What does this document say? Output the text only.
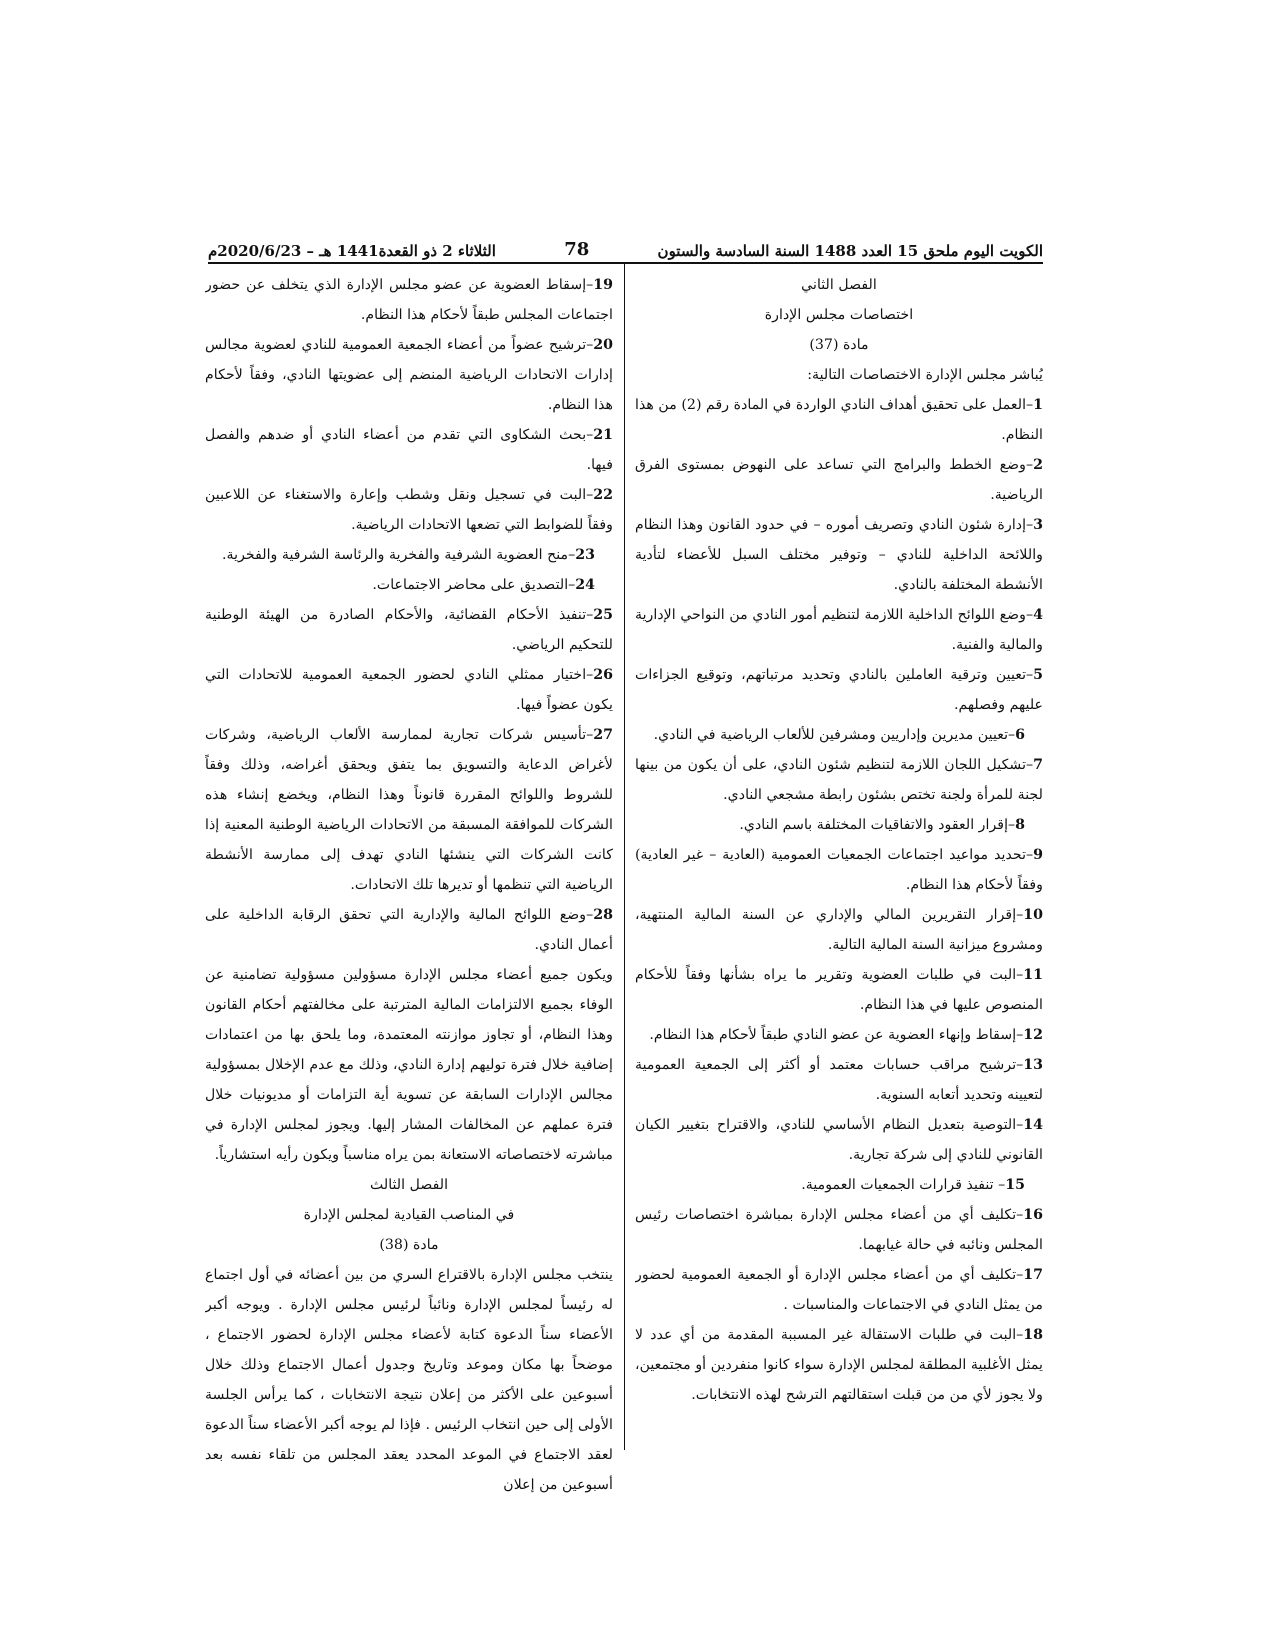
الكويت اليوم ملحق 15 العدد 1488 السنة السادسة والستون
78
الثلاثاء 2 ذو القعدة1441 هـ – 2020/6/23م

الفصل الثاني

اختصاصات مجلس الإدارة

مادة (37)

يُباشر مجلس الإدارة الاختصاصات التالية:

1–العمل على تحقيق أهداف النادي الواردة في المادة رقم (2) من هذا النظام.

2–وضع الخطط والبرامج التي تساعد على النهوض بمستوى الفرق الرياضية.

3–إدارة شئون النادي وتصريف أموره – في حدود القانون وهذا النظام واللائحة الداخلية للنادي – وتوفير مختلف السبل للأعضاء لتأدية الأنشطة المختلفة بالنادي.

4–وضع اللوائح الداخلية اللازمة لتنظيم أمور النادي من النواحي الإدارية والمالية والفنية.

5–تعيين وترقية العاملين بالنادي وتحديد مرتباتهم، وتوقيع الجزاءات عليهم وفصلهم.

6–تعيين مديرين وإداريين ومشرفين للألعاب الرياضية في النادي.

7–تشكيل اللجان اللازمة لتنظيم شئون النادي، على أن يكون من بينها لجنة للمرأة ولجنة تختص بشئون رابطة مشجعي النادي.

8–إقرار العقود والاتفاقيات المختلفة باسم النادي.

9–تحديد مواعيد اجتماعات الجمعيات العمومية (العادية – غير العادية) وفقاً لأحكام هذا النظام.

10–إقرار التقريرين المالي والإداري عن السنة المالية المنتهية، ومشروع ميزانية السنة المالية التالية.

11–البت في طلبات العضوية وتقرير ما يراه بشأنها وفقاً للأحكام المنصوص عليها في هذا النظام.

12–إسقاط وإنهاء العضوية عن عضو النادي طبقاً لأحكام هذا النظام.

13–ترشيح مراقب حسابات معتمد أو أكثر إلى الجمعية العمومية لتعيينه وتحديد أتعابه السنوية.

14–التوصية بتعديل النظام الأساسي للنادي، والاقتراح بتغيير الكيان القانوني للنادي إلى شركة تجارية.

15– تنفيذ قرارات الجمعيات العمومية.

16–تكليف أي من أعضاء مجلس الإدارة بمباشرة اختصاصات رئيس المجلس ونائبه في حالة غيابهما.

17–تكليف أي من أعضاء مجلس الإدارة أو الجمعية العمومية لحضور من يمثل النادي في الاجتماعات والمناسبات .

18–البت في طلبات الاستقالة غير المسببة المقدمة من أي عدد لا يمثل الأغلبية المطلقة لمجلس الإدارة سواء كانوا منفردين أو مجتمعين، ولا يجوز لأي من من قبلت استقالتهم الترشح لهذه الانتخابات.

19–إسقاط العضوية عن عضو مجلس الإدارة الذي يتخلف عن حضور اجتماعات المجلس طبقاً لأحكام هذا النظام.

20–ترشيح عضواً من أعضاء الجمعية العمومية للنادي لعضوية مجالس إدارات الاتحادات الرياضية المنضم إلى عضويتها النادي، وفقاً لأحكام هذا النظام.

21–بحث الشكاوى التي تقدم من أعضاء النادي أو ضدهم والفصل فيها.

22–البت في تسجيل ونقل وشطب وإعارة والاستغناء عن اللاعبين وفقاً للضوابط التي تضعها الاتحادات الرياضية.

23–منح العضوية الشرفية والفخرية والرئاسة الشرفية والفخرية.

24–التصديق على محاضر الاجتماعات.

25–تنفيذ الأحكام القضائية، والأحكام الصادرة من الهيئة الوطنية للتحكيم الرياضي.

26–اختيار ممثلي النادي لحضور الجمعية العمومية للاتحادات التي يكون عضواً فيها.

27–تأسيس شركات تجارية لممارسة الألعاب الرياضية، وشركات لأغراض الدعاية والتسويق بما يتفق ويحقق أغراضه، وذلك وفقاً للشروط واللوائح المقررة قانوناً وهذا النظام، ويخضع إنشاء هذه الشركات للموافقة المسبقة من الاتحادات الرياضية الوطنية المعنية إذا كانت الشركات التي ينشئها النادي تهدف إلى ممارسة الأنشطة الرياضية التي تنظمها أو تديرها تلك الاتحادات.

28–وضع اللوائح المالية والإدارية التي تحقق الرقابة الداخلية على أعمال النادي.

ويكون جميع أعضاء مجلس الإدارة مسؤولين مسؤولية تضامنية عن الوفاء بجميع الالتزامات المالية المترتبة على مخالفتهم أحكام القانون وهذا النظام، أو تجاوز موازنته المعتمدة، وما يلحق بها من اعتمادات إضافية خلال فترة توليهم إدارة النادي، وذلك مع عدم الإخلال بمسؤولية مجالس الإدارات السابقة عن تسوية أية التزامات أو مديونيات خلال فترة عملهم عن المخالفات المشار إليها. ويجوز لمجلس الإدارة في مباشرته لاختصاصاته الاستعانة بمن يراه مناسباً ويكون رأيه استشارياً.

الفصل الثالث

في المناصب القيادية لمجلس الإدارة

مادة (38)

ينتخب مجلس الإدارة بالاقتراع السري من بين أعضائه في أول اجتماع له رئيساً لمجلس الإدارة ونائباً لرئيس مجلس الإدارة . ويوجه أكبر الأعضاء سناً الدعوة كتابة لأعضاء مجلس الإدارة لحضور الاجتماع ، موضحاً بها مكان وموعد وتاريخ وجدول أعمال الاجتماع وذلك خلال أسبوعين على الأكثر من إعلان نتيجة الانتخابات ، كما يرأس الجلسة الأولى إلى حين انتخاب الرئيس . فإذا لم يوجه أكبر الأعضاء سناً الدعوة لعقد الاجتماع في الموعد المحدد يعقد المجلس من تلقاء نفسه بعد أسبوعين من إعلان
